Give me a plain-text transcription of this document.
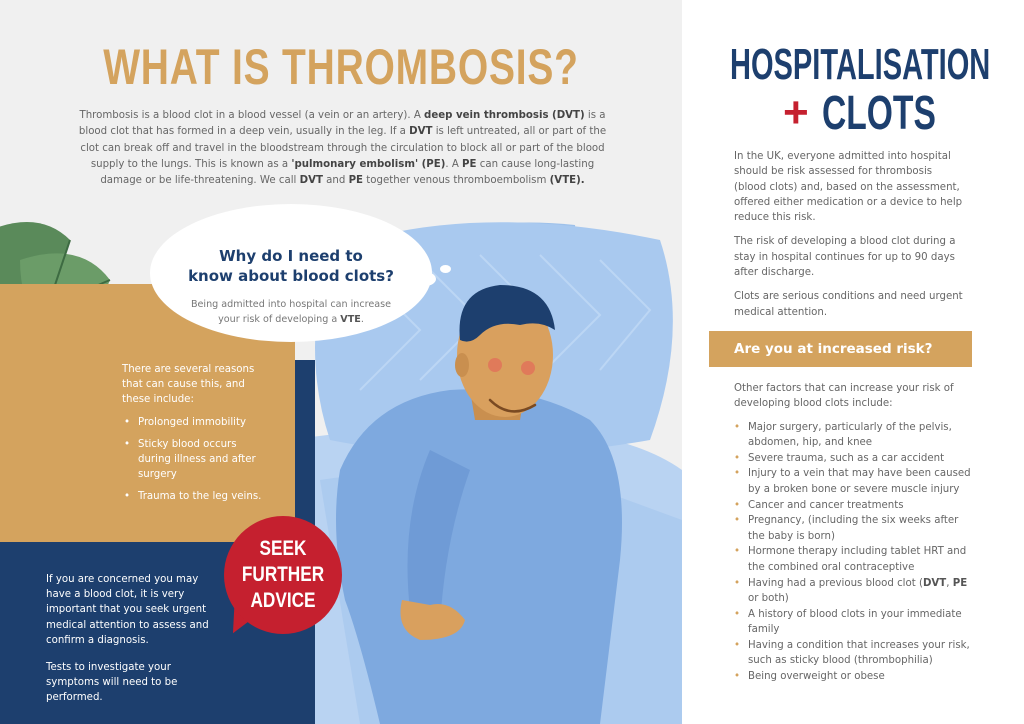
WHAT IS THROMBOSIS?

Thrombosis is a blood clot in a blood vessel (a vein or an artery). A deep vein thrombosis (DVT) is a blood clot that has formed in a deep vein, usually in the leg. If a DVT is left untreated, all or part of the clot can break off and travel in the bloodstream through the circulation to block all or part of the blood supply to the lungs. This is known as a 'pulmonary embolism' (PE). A PE can cause long-lasting damage or be life-threatening. We call DVT and PE together venous thromboembolism (VTE).

Why do I need to
know about blood clots?

Being admitted into hospital can increase your risk of developing a VTE.

There are several reasons that can cause this, and these include:

• Prolonged immobility
• Sticky blood occurs during illness and after surgery
• Trauma to the leg veins.

If you are concerned you may have a blood clot, it is very important that you seek urgent medical attention to assess and confirm a diagnosis.

Tests to investigate your symptoms will need to be performed.

SEEK
FURTHER
ADVICE
HOSPITALISATION
+ CLOTS

In the UK, everyone admitted into hospital should be risk assessed for thrombosis (blood clots) and, based on the assessment, offered either medication or a device to help reduce this risk.

The risk of developing a blood clot during a stay in hospital continues for up to 90 days after discharge.

Clots are serious conditions and need urgent medical attention.

Are you at increased risk?

Other factors that can increase your risk of developing blood clots include:

• Major surgery, particularly of the pelvis, abdomen, hip, and knee
• Severe trauma, such as a car accident
• Injury to a vein that may have been caused by a broken bone or severe muscle injury
• Cancer and cancer treatments
• Pregnancy, (including the six weeks after the baby is born)
• Hormone therapy including tablet HRT and the combined oral contraceptive
• Having had a previous blood clot (DVT, PE or both)
• A history of blood clots in your immediate family
• Having a condition that increases your risk, such as sticky blood (thrombophilia)
• Being overweight or obese
